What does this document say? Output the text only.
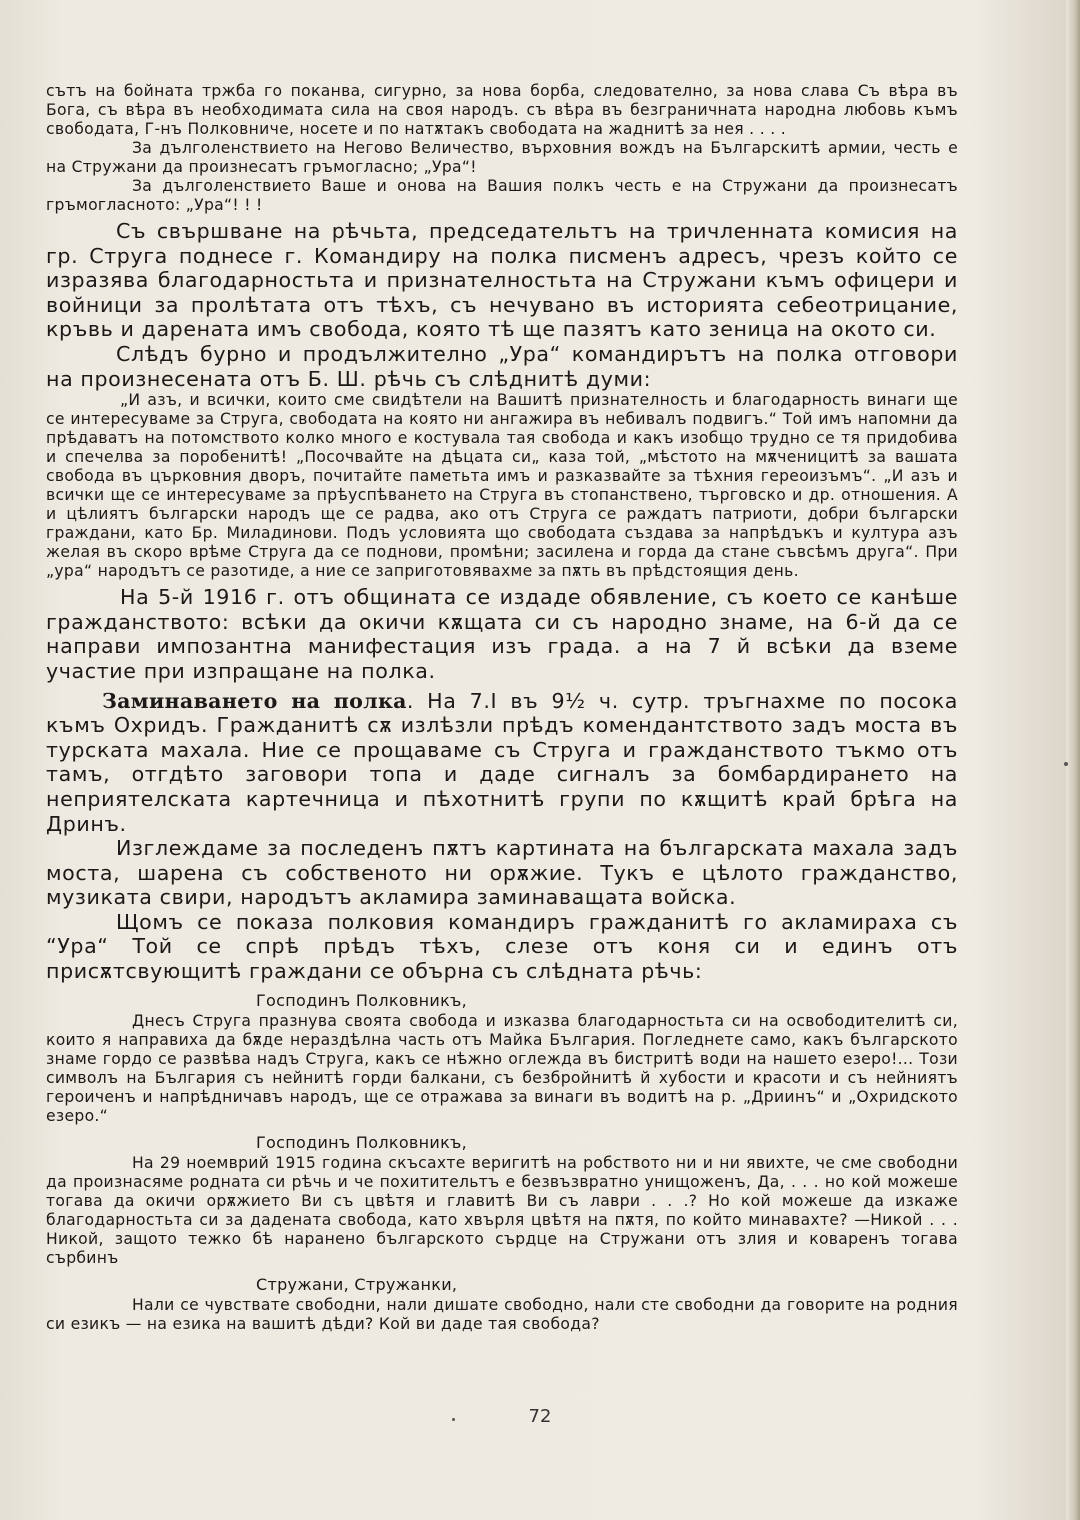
сътъ на бойната тржба го поканва, сигурно, за нова борба, следователно, за нова слава Съ вѣра въ Бога, съ вѣра въ необходимата сила на своя народъ. съ вѣра въ безграничната народна любовь къмъ свободата, Г-нъ Полковниче, носете и по натѫтакъ свободата на жаднитѣ за нея . . . .

За дълголенствието на Негово Величество, върховния вождъ на Българскитѣ армии, честь е на Стружани да произнесатъ гръмогласно; „Ура“!

За дълголенствието Ваше и онова на Вашия полкъ честь е на Стружани да произнесатъ гръмогласното: „Ура“! ! !

Съ свършване на рѣчьта, председательтъ на тричленната комисия на гр. Струга поднесе г. Командиру на полка писменъ адресъ, чрезъ който се изразява благодарностьта и признателностьта на Стружани къмъ офицери и войници за пролѣтата отъ тѣхъ, съ нечувано въ историята себеотрицание, кръвь и дарената имъ свобода, която тѣ ще пазятъ като зеница на окото си.

Слѣдъ бурно и продължително „Ура“ командирътъ на полка отговори на произнесената отъ Б. Ш. рѣчь съ слѣднитѣ думи:

„И азъ, и всички, които сме свидѣтели на Вашитѣ признателность и благодарность винаги ще се интересуваме за Струга, свободата на която ни ангажира въ небивалъ подвигъ.“ Той имъ напомни да прѣдаватъ на потомството колко много е костувала тая свобода и какъ изобщо трудно се тя придобива и спечелва за поробенитѣ! „Посочвайте на дѣцата си„ каза той, „мѣстото на мѫченицитѣ за вашата свобода въ църковния дворъ, почитайте паметьта имъ и разказвайте за тѣхния гереоизъмъ“. „И азъ и всички ще се интересуваме за прѣуспѣването на Струга въ стопанствено, търговско и др. отношения. А и цѣлиятъ български народъ ще се радва, ако отъ Струга се раждатъ патриоти, добри български граждани, като Бр. Миладинови. Подъ условията що свободата създава за напрѣдъкъ и култура азъ желая въ скоро врѣме Струга да се поднови, промѣни; засилена и горда да стане съвсѣмъ друга“. При „ура“ народътъ се разотиде, а ние се заприготовявахме за пѫть въ прѣдстоящия день.

На 5-й 1916 г. отъ общината се издаде обявление, съ което се канѣше гражданството: всѣки да окичи кѫщата си съ народно знаме, на 6-й да се направи импозантна манифестация изъ града. а на 7 й всѣки да вземе участие при изпращане на полка.

Заминаването на полка. На 7.І въ 9½ ч. сутр. тръгнахме по посока къмъ Охридъ. Гражданитѣ сѫ излѣзли прѣдъ комендантството задъ моста въ турската махала. Ние се прощаваме съ Струга и гражданството тъкмо отъ тамъ, отгдѣто заговори топа и даде сигналъ за бомбардирането на неприятелската картечница и пѣхотнитѣ групи по кѫщитѣ край брѣга на Дринъ.

Изглеждаме за последенъ пѫтъ картината на българската махала задъ моста, шарена съ собственото ни орѫжие. Тукъ е цѣлото гражданство, музиката свири, народътъ акламира заминаващата войска.

Щомъ се показа полковия командиръ гражданитѣ го акламираха съ “Ура“ Той се спрѣ прѣдъ тѣхъ, слезе отъ коня си и единъ отъ присѫтсвующитѣ граждани се обърна съ слѣдната рѣчь:

Господинъ Полковникъ,

Днесъ Струга празнува своята свобода и изказва благодарностьта си на освободителитѣ си, които я направиха да бѫде нераздѣлна часть отъ Майка България. Погледнете само, какъ българското знаме гордо се развѣва надъ Струга, какъ се нѣжно оглеждa въ бистритѣ води на нашето езеро!... Този символъ на България съ нейнитѣ горди балкани, съ безбройнитѣ й хубости и красоти и съ нейниятъ героиченъ и напрѣдничавъ народъ, ще се отражава за винаги въ водитѣ на р. „Дриинъ“ и „Охридското езеро.“

Господинъ Полковникъ,

На 29 ноемврий 1915 година скъсахте веригитѣ на робството ни и ни явихте, че сме свободни да произнасяме родната си рѣчь и че похитительтъ е безвъзвратно унищоженъ, Да, . . . но кой можеше тогава да окичи орѫжието Ви съ цвѣтя и главитѣ Ви съ лаври . . .? Но кой можеше да изкаже благодарностьта си за дадената свобода, като хвърля цвѣтя на пѫтя, по който минавахте? —Никой . . . Никой, защото тежко бѣ наранено българското сърдце на Стружани отъ злия и коваренъ тогава сърбинъ

Стружани, Стружанки,

Нали се чувствате свободни, нали дишате свободно, нали сте свободни да говорите на родния си езикъ — на езика на вашитѣ дѣди? Кой ви даде тая свобода?

72
